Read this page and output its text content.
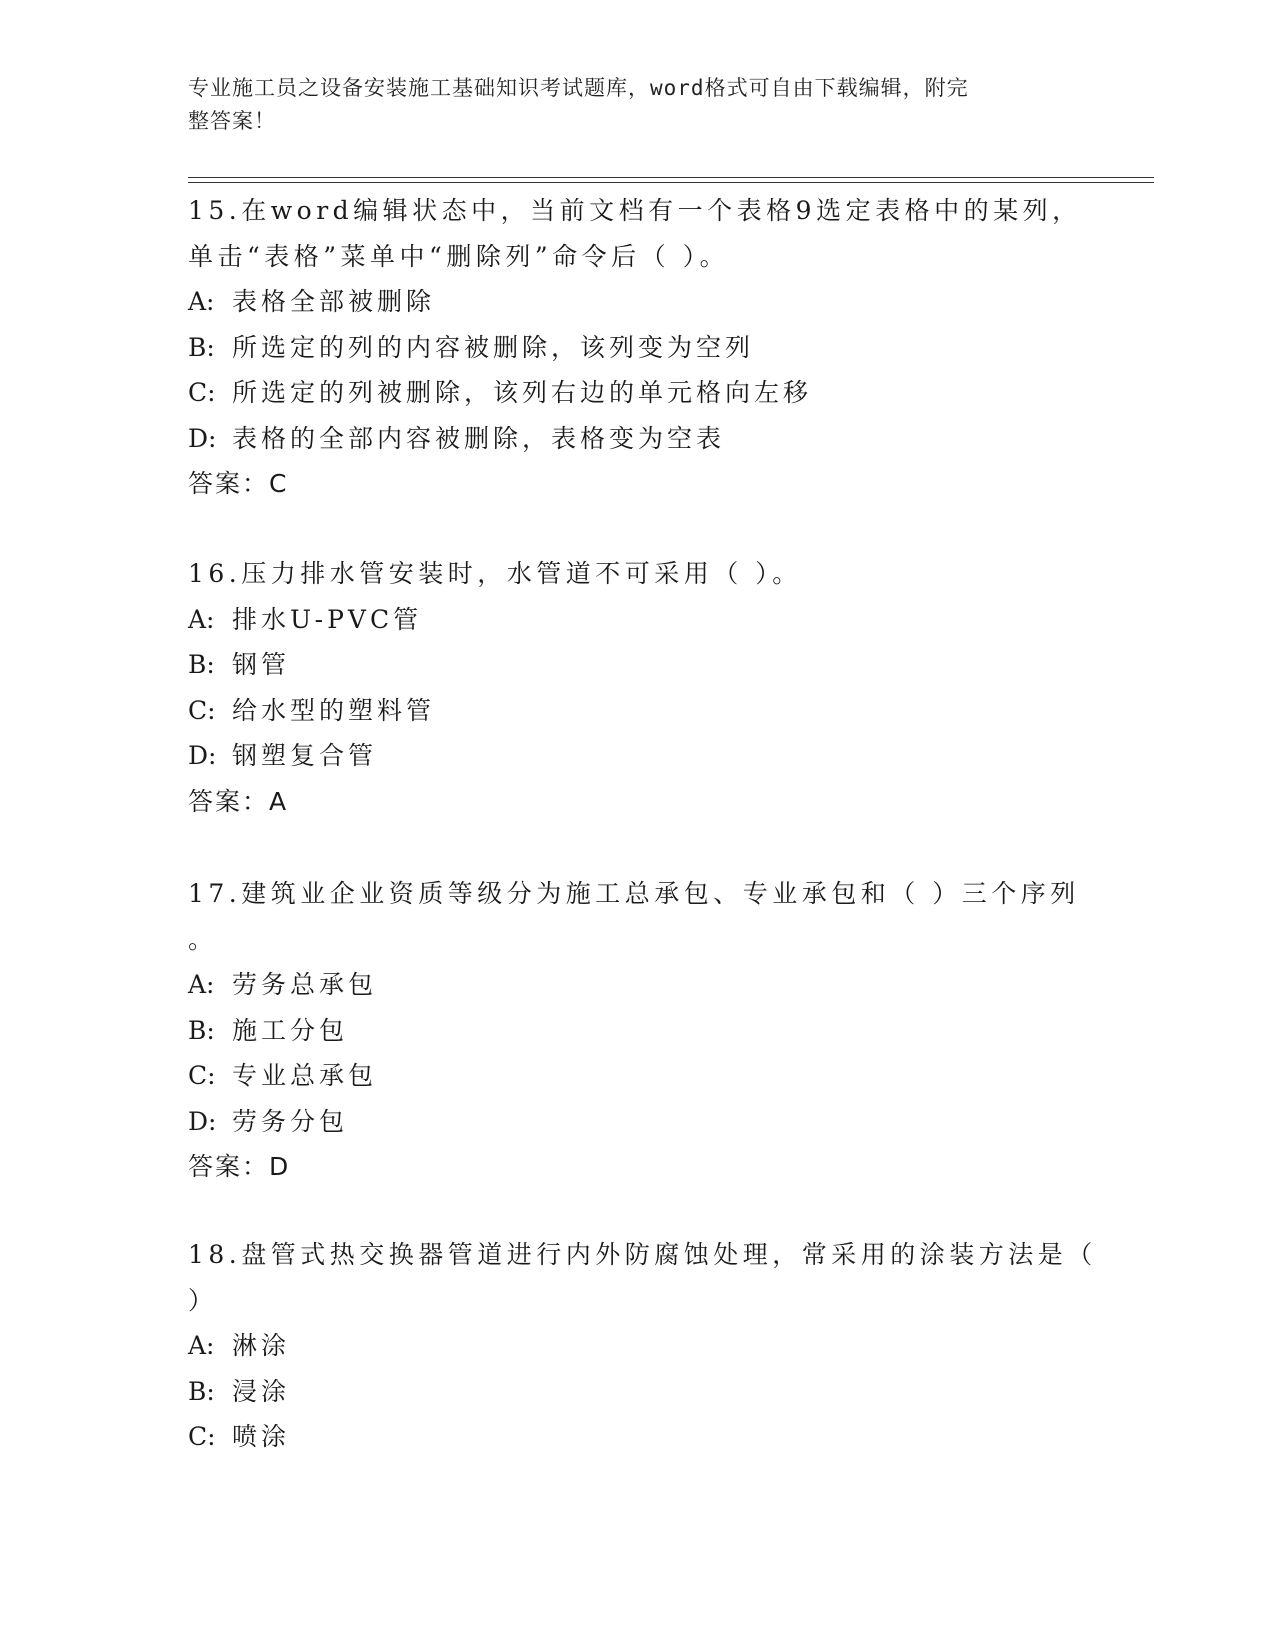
专业施工员之设备安装施工基础知识考试题库，word格式可自由下载编辑，附完
整答案！
15.在word编辑状态中，当前文档有一个表格9选定表格中的某列，
单击“表格”菜单中“删除列”命令后（ ）。
A: 表格全部被删除
B: 所选定的列的内容被删除，该列变为空列
C: 所选定的列被删除，该列右边的单元格向左移
D: 表格的全部内容被删除，表格变为空表
答案：C
16.压力排水管安装时，水管道不可采用（ ）。
A: 排水U-PVC管
B: 钢管
C: 给水型的塑料管
D: 钢塑复合管
答案：A
17.建筑业企业资质等级分为施工总承包、专业承包和（ ）三个序列
。
A: 劳务总承包
B: 施工分包
C: 专业总承包
D: 劳务分包
答案：D
18.盘管式热交换器管道进行内外防腐蚀处理，常采用的涂装方法是（
）
A: 淋涂
B: 浸涂
C: 喷涂
